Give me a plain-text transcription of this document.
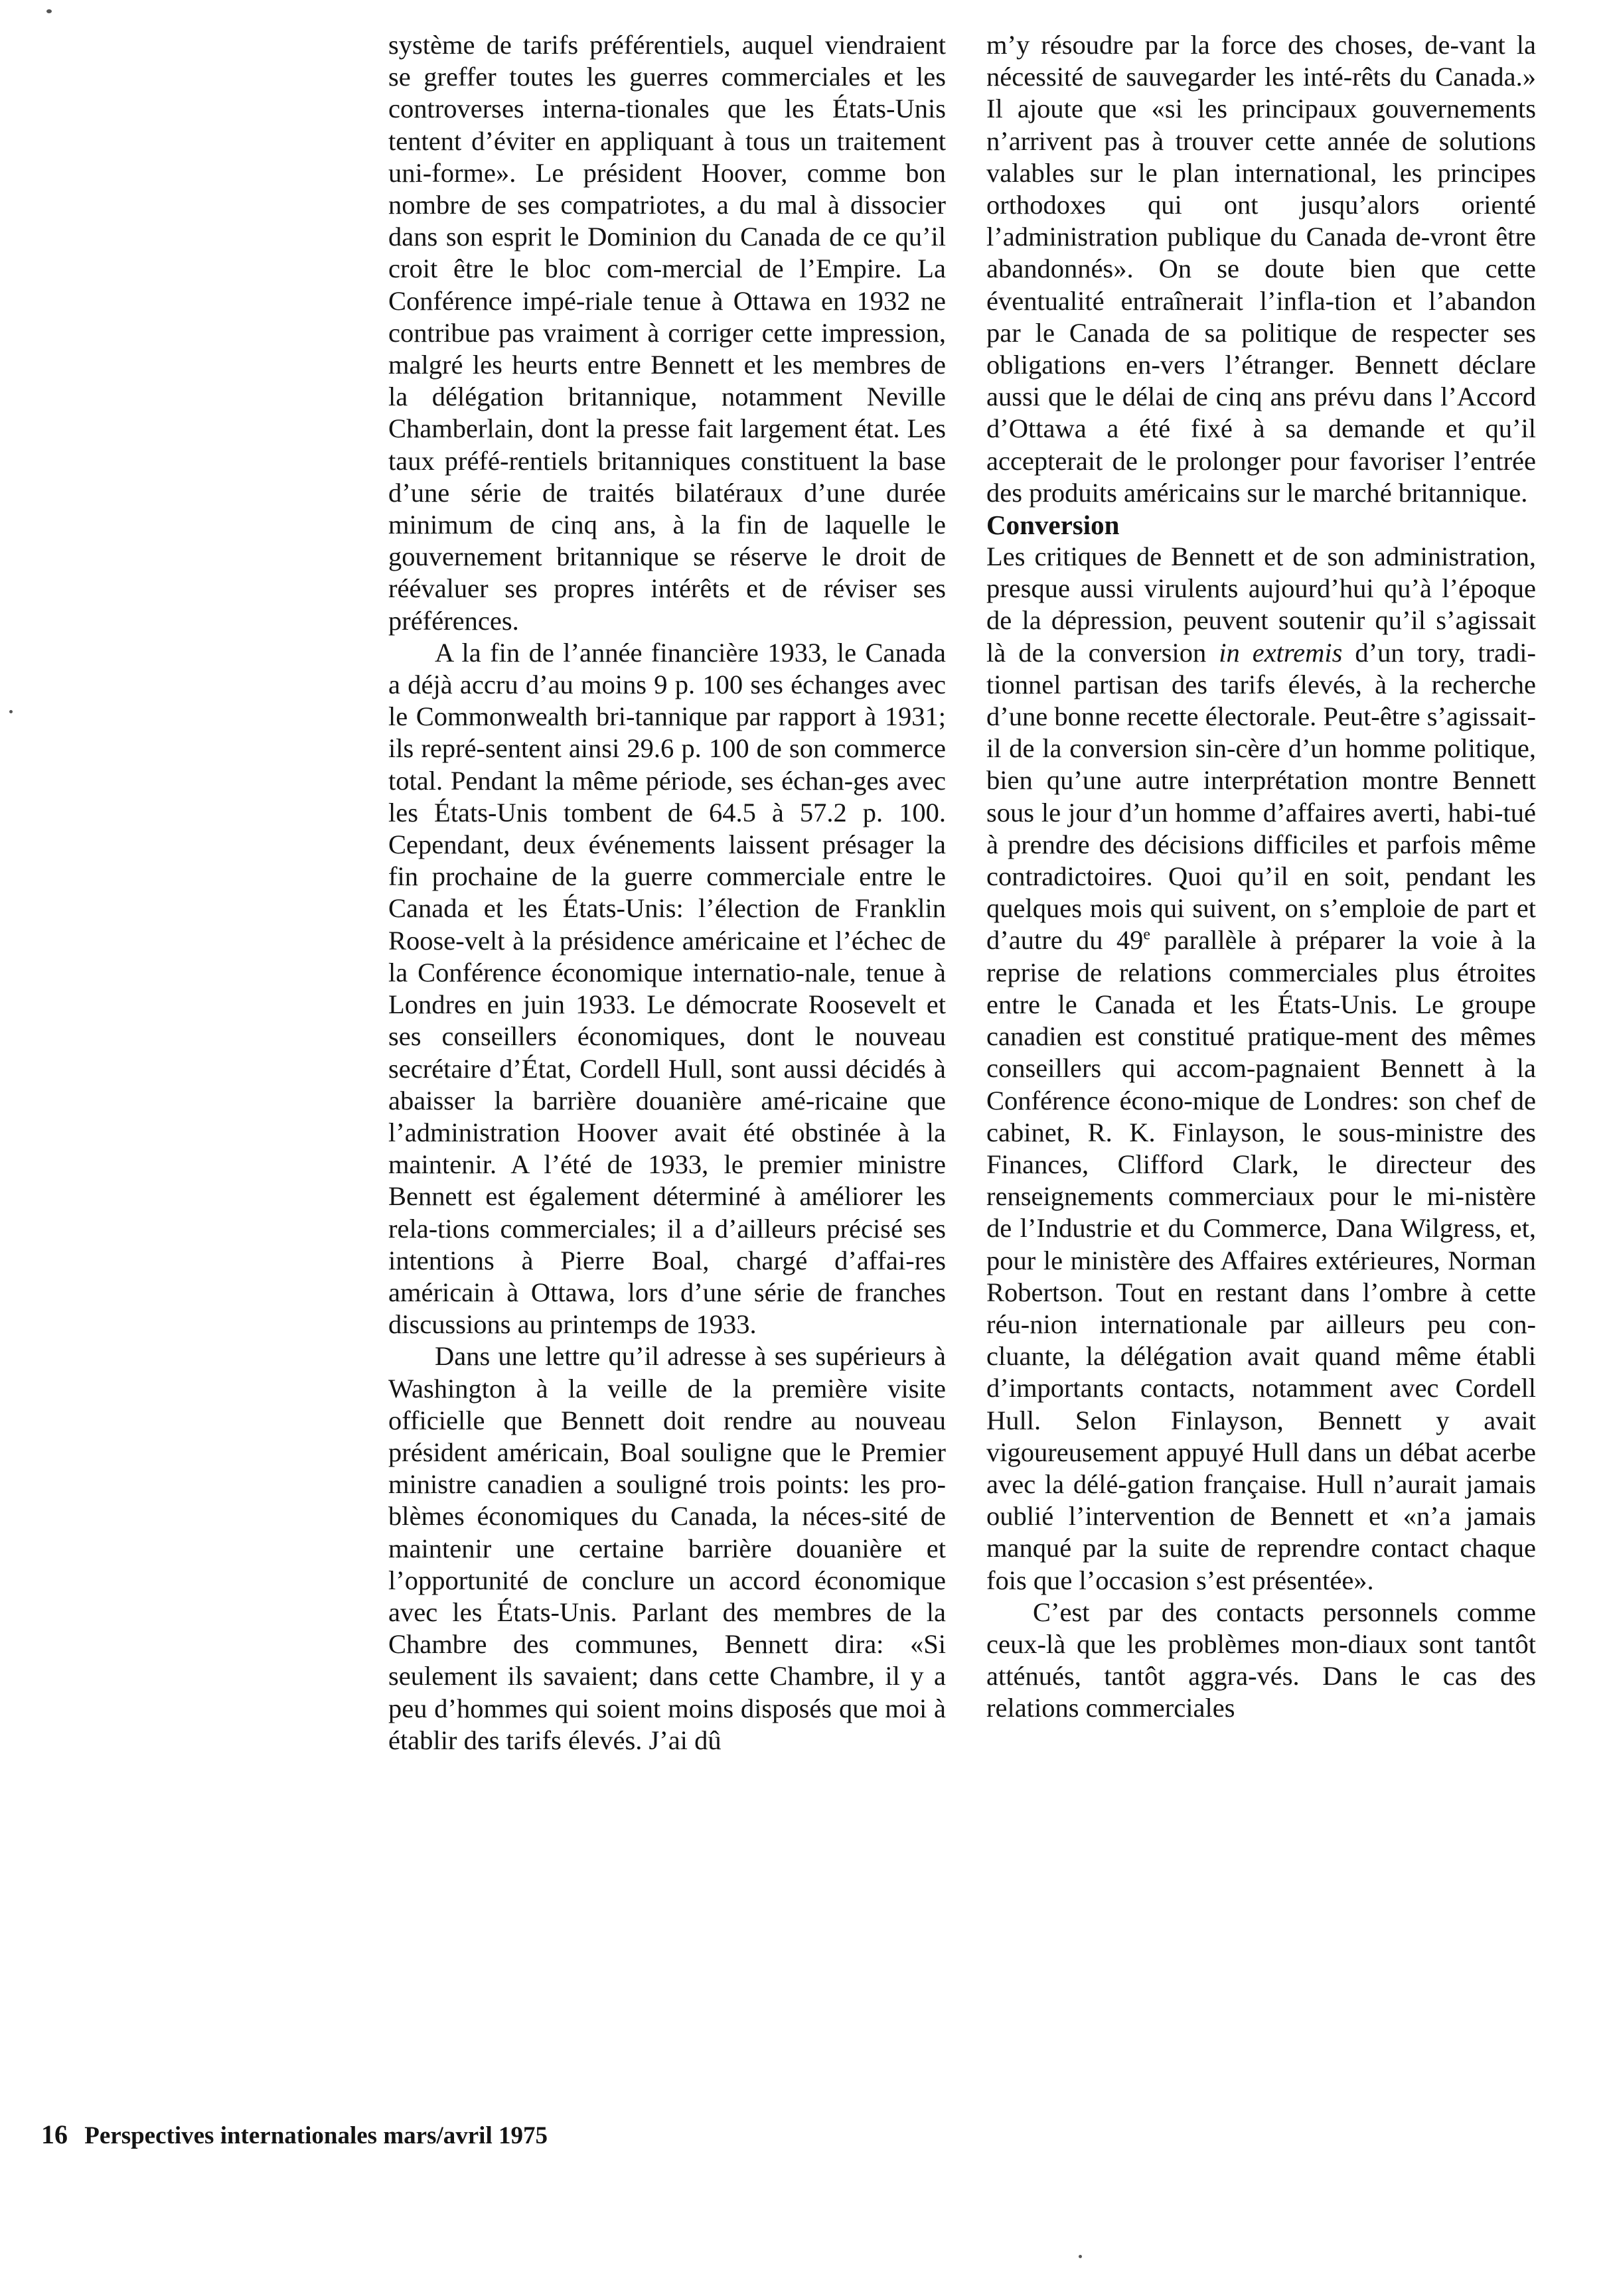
système de tarifs préférentiels, auquel viendraient se greffer toutes les guerres commerciales et les controverses interna-tionales que les États-Unis tentent d’éviter en appliquant à tous un traitement uni-forme». Le président Hoover, comme bon nombre de ses compatriotes, a du mal à dissocier dans son esprit le Dominion du Canada de ce qu’il croit être le bloc com-mercial de l’Empire. La Conférence impé-riale tenue à Ottawa en 1932 ne contribue pas vraiment à corriger cette impression, malgré les heurts entre Bennett et les membres de la délégation britannique, notamment Neville Chamberlain, dont la presse fait largement état. Les taux préfé-rentiels britanniques constituent la base d’une série de traités bilatéraux d’une durée minimum de cinq ans, à la fin de laquelle le gouvernement britannique se réserve le droit de réévaluer ses propres intérêts et de réviser ses préférences.

A la fin de l’année financière 1933, le Canada a déjà accru d’au moins 9 p. 100 ses échanges avec le Commonwealth bri-tannique par rapport à 1931; ils repré-sentent ainsi 29.6 p. 100 de son commerce total. Pendant la même période, ses échan-ges avec les États-Unis tombent de 64.5 à 57.2 p. 100. Cependant, deux événements laissent présager la fin prochaine de la guerre commerciale entre le Canada et les États-Unis: l’élection de Franklin Roose-velt à la présidence américaine et l’échec de la Conférence économique internatio-nale, tenue à Londres en juin 1933. Le démocrate Roosevelt et ses conseillers économiques, dont le nouveau secrétaire d’État, Cordell Hull, sont aussi décidés à abaisser la barrière douanière amé-ricaine que l’administration Hoover avait été obstinée à la maintenir. A l’été de 1933, le premier ministre Bennett est également déterminé à améliorer les rela-tions commerciales; il a d’ailleurs précisé ses intentions à Pierre Boal, chargé d’affai-res américain à Ottawa, lors d’une série de franches discussions au printemps de 1933.

Dans une lettre qu’il adresse à ses supérieurs à Washington à la veille de la première visite officielle que Bennett doit rendre au nouveau président américain, Boal souligne que le Premier ministre canadien a souligné trois points: les pro-blèmes économiques du Canada, la néces-sité de maintenir une certaine barrière douanière et l’opportunité de conclure un accord économique avec les États-Unis. Parlant des membres de la Chambre des communes, Bennett dira: «Si seulement ils savaient; dans cette Chambre, il y a peu d’hommes qui soient moins disposés que moi à établir des tarifs élevés. J’ai dû

m’y résoudre par la force des choses, de-vant la nécessité de sauvegarder les inté-rêts du Canada.» Il ajoute que «si les principaux gouvernements n’arrivent pas à trouver cette année de solutions valables sur le plan international, les principes orthodoxes qui ont jusqu’alors orienté l’administration publique du Canada de-vront être abandonnés». On se doute bien que cette éventualité entraînerait l’infla-tion et l’abandon par le Canada de sa politique de respecter ses obligations en-vers l’étranger. Bennett déclare aussi que le délai de cinq ans prévu dans l’Accord d’Ottawa a été fixé à sa demande et qu’il accepterait de le prolonger pour favoriser l’entrée des produits américains sur le marché britannique.

Conversion

Les critiques de Bennett et de son administration, presque aussi virulents aujourd’hui qu’à l’époque de la dépression, peuvent soutenir qu’il s’agissait là de la conversion in extremis d’un tory, tradi-tionnel partisan des tarifs élevés, à la recherche d’une bonne recette électorale. Peut-être s’agissait-il de la conversion sin-cère d’un homme politique, bien qu’une autre interprétation montre Bennett sous le jour d’un homme d’affaires averti, habi-tué à prendre des décisions difficiles et parfois même contradictoires. Quoi qu’il en soit, pendant les quelques mois qui suivent, on s’emploie de part et d’autre du 49e parallèle à préparer la voie à la reprise de relations commerciales plus étroites entre le Canada et les États-Unis. Le groupe canadien est constitué pratique-ment des mêmes conseillers qui accom-pagnaient Bennett à la Conférence écono-mique de Londres: son chef de cabinet, R. K. Finlayson, le sous-ministre des Finances, Clifford Clark, le directeur des renseignements commerciaux pour le mi-nistère de l’Industrie et du Commerce, Dana Wilgress, et, pour le ministère des Affaires extérieures, Norman Robertson. Tout en restant dans l’ombre à cette réu-nion internationale par ailleurs peu con-cluante, la délégation avait quand même établi d’importants contacts, notamment avec Cordell Hull. Selon Finlayson, Bennett y avait vigoureusement appuyé Hull dans un débat acerbe avec la délé-gation française. Hull n’aurait jamais oublié l’intervention de Bennett et «n’a jamais manqué par la suite de reprendre contact chaque fois que l’occasion s’est présentée».

C’est par des contacts personnels comme ceux-là que les problèmes mon-diaux sont tantôt atténués, tantôt aggra-vés. Dans le cas des relations commerciales

16 Perspectives internationales mars/avril 1975
